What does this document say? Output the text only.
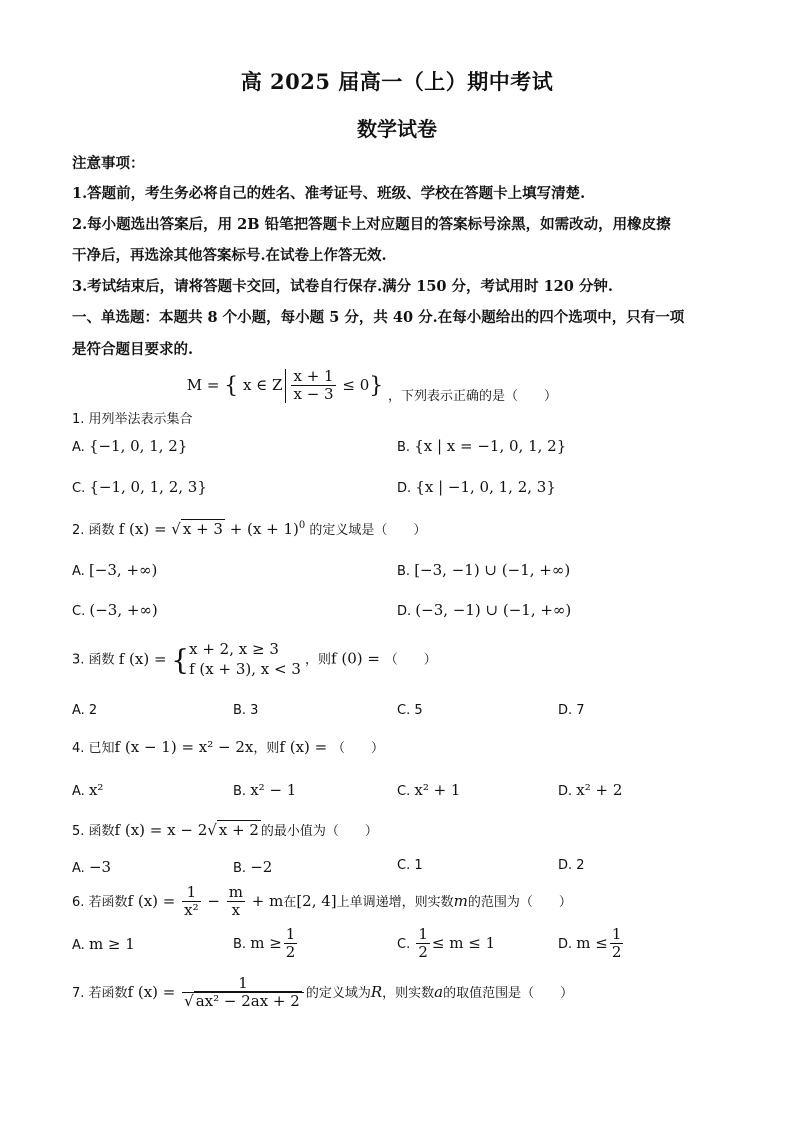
高 2025 届高一（上）期中考试
数学试卷
注意事项：
1.答题前，考生务必将自己的姓名、准考证号、班级、学校在答题卡上填写清楚.
2.每小题选出答案后，用 2B 铅笔把答题卡上对应题目的答案标号涂黑，如需改动，用橡皮擦
干净后，再选涂其他答案标号.在试卷上作答无效.
3.考试结束后，请将答题卡交回，试卷自行保存.满分 150 分，考试用时 120 分钟.
一、单选题：本题共 8 个小题，每小题 5 分，共 40 分.在每小题给出的四个选项中，只有一项
是符合题目要求的.
1. 用列举法表示集合 M = { x ∈ Z $\frac{x + 1}{x - 3} \le 0$} ，下列表示正确的是（　　）
A. {−1, 0, 1, 2}	B. {x | x = −1, 0, 1, 2}
C. {−1, 0, 1, 2, 3}	D. {x | −1, 0, 1, 2, 3}
2. 函数 f (x) = √ $x + 3 + (x + 1)^0$ 的定义域是（　　）
A. [−3, +∞)	B. [−3, −1) ∪ (−1, +∞)
C. (−3, +∞)	D. (−3, −1) ∪ (−1, +∞)
3. 函数 f (x) = { x + 2, x ≥ 3
f (x + 3), x < 3 ，则f (0) = （　　）
A. 2	B. 3	C. 5	D. 7
4. 已知f (x − 1) = x² − 2x，则f (x) = （　　）
A. x²	B. x² − 1	C. x² + 1	D. x² + 2
5. 函数f (x) = x − 2√ x + 2 的最小值为（　　）
A. −3	B. −2	C. 1	D. 2
6. 若函数f $(x) = \frac{1}{\text{x²}} - \frac{m}{x} + m$在[2, 4]上单调递增，则实数m的范围为（　　）
A. m ≥ 1	B. $m \ge \frac{1}{2}$	C. $\frac{1}{2} \le m \le 1$	D. $m \le \frac{1}{2}$
7. 若函数f $(x) = \frac{1}{\text{√ ax² − 2ax + 2}}$ 的定义域为R，则实数a的取值范围是（　　）
